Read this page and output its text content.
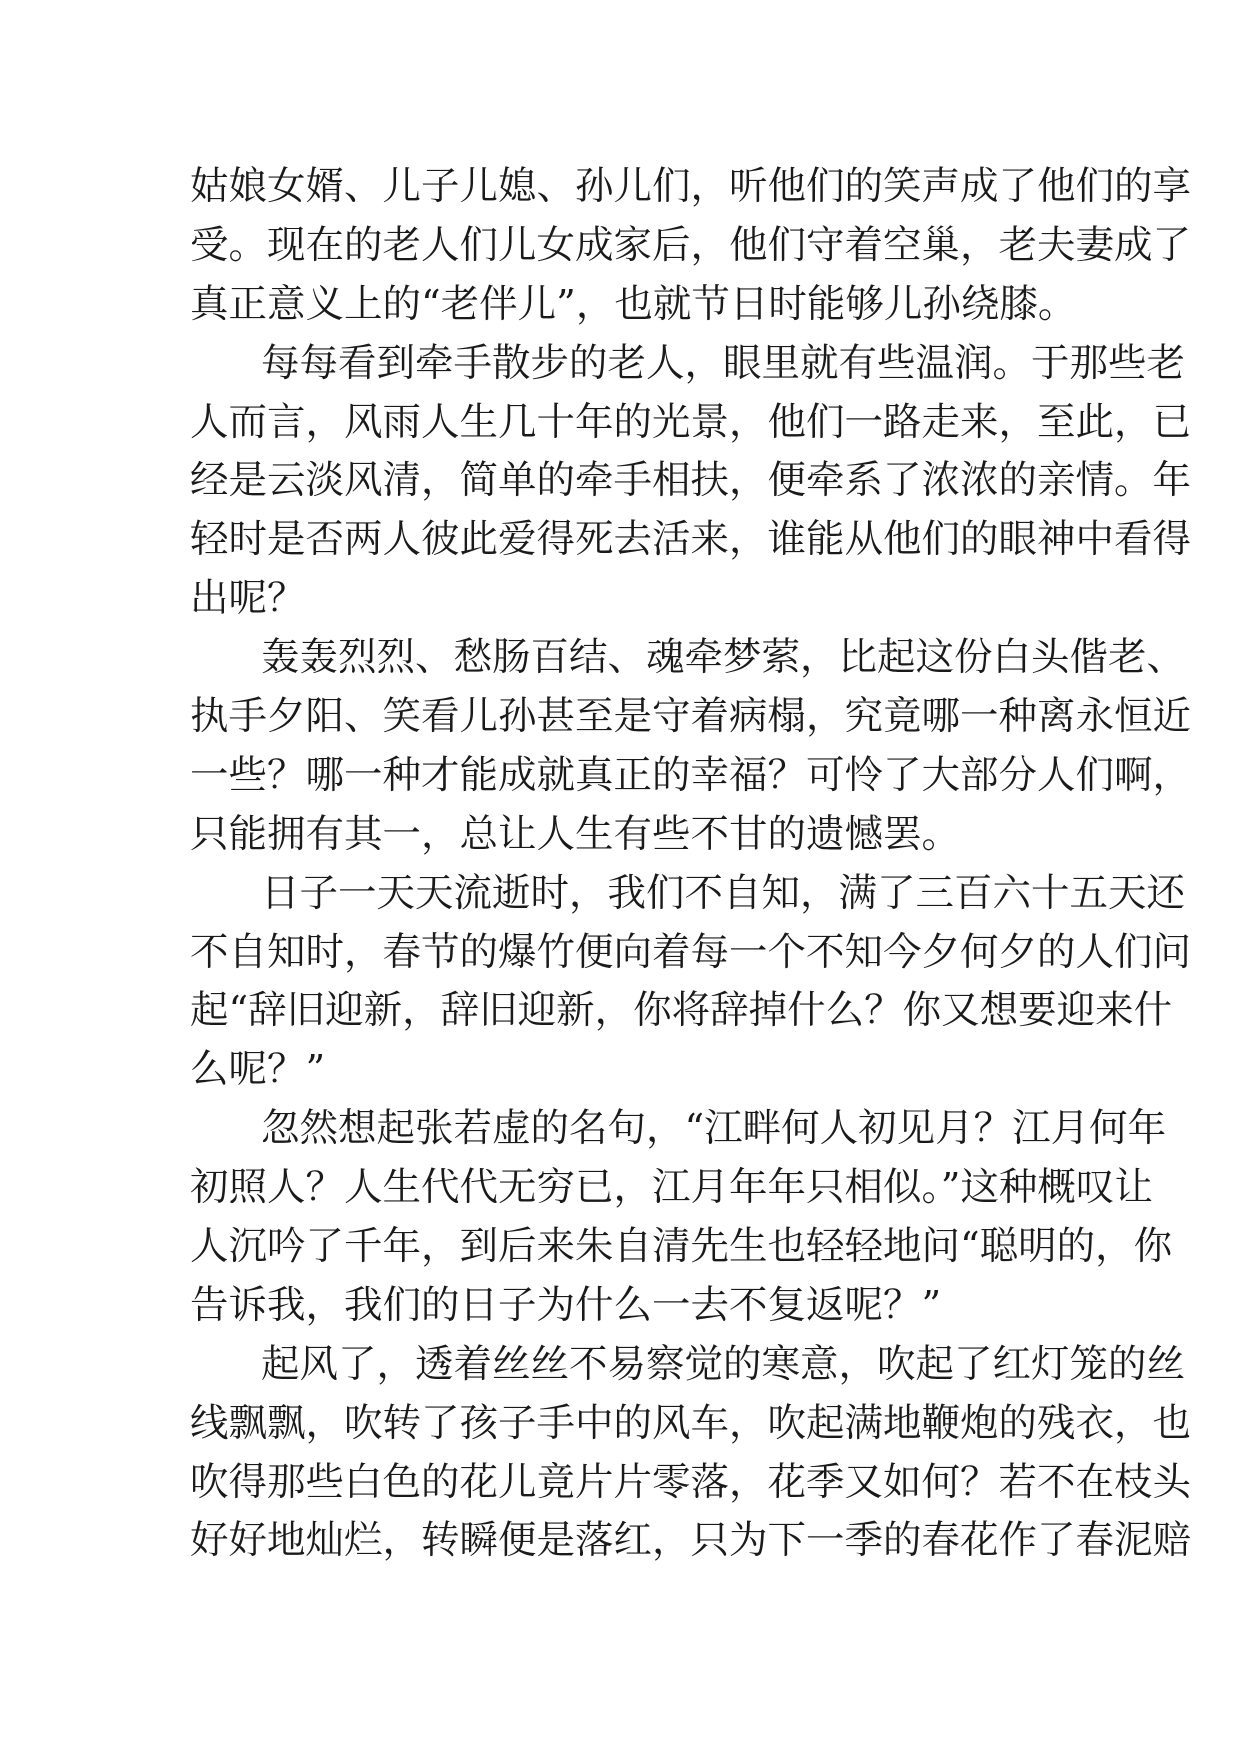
姑娘女婿、儿子儿媳、孙儿们，听他们的笑声成了他们的享
受。现在的老人们儿女成家后，他们守着空巢，老夫妻成了
真正意义上的“老伴儿”，也就节日时能够儿孙绕膝。
每每看到牵手散步的老人，眼里就有些温润。于那些老
人而言，风雨人生几十年的光景，他们一路走来，至此，已
经是云淡风清，简单的牵手相扶，便牵系了浓浓的亲情。年
轻时是否两人彼此爱得死去活来，谁能从他们的眼神中看得
出呢？
轰轰烈烈、愁肠百结、魂牵梦萦，比起这份白头偕老、
执手夕阳、笑看儿孙甚至是守着病榻，究竟哪一种离永恒近
一些？哪一种才能成就真正的幸福？可怜了大部分人们啊，
只能拥有其一，总让人生有些不甘的遗憾罢。
日子一天天流逝时，我们不自知，满了三百六十五天还
不自知时，春节的爆竹便向着每一个不知今夕何夕的人们问
起“辞旧迎新，辞旧迎新，你将辞掉什么？你又想要迎来什
么呢？”
忽然想起张若虚的名句，“江畔何人初见月？江月何年
初照人？人生代代无穷已，江月年年只相似。”这种概叹让
人沉吟了千年，到后来朱自清先生也轻轻地问“聪明的，你
告诉我，我们的日子为什么一去不复返呢？”
起风了，透着丝丝不易察觉的寒意，吹起了红灯笼的丝
线飘飘，吹转了孩子手中的风车，吹起满地鞭炮的残衣，也
吹得那些白色的花儿竟片片零落，花季又如何？若不在枝头
好好地灿烂，转瞬便是落红，只为下一季的春花作了春泥赔
